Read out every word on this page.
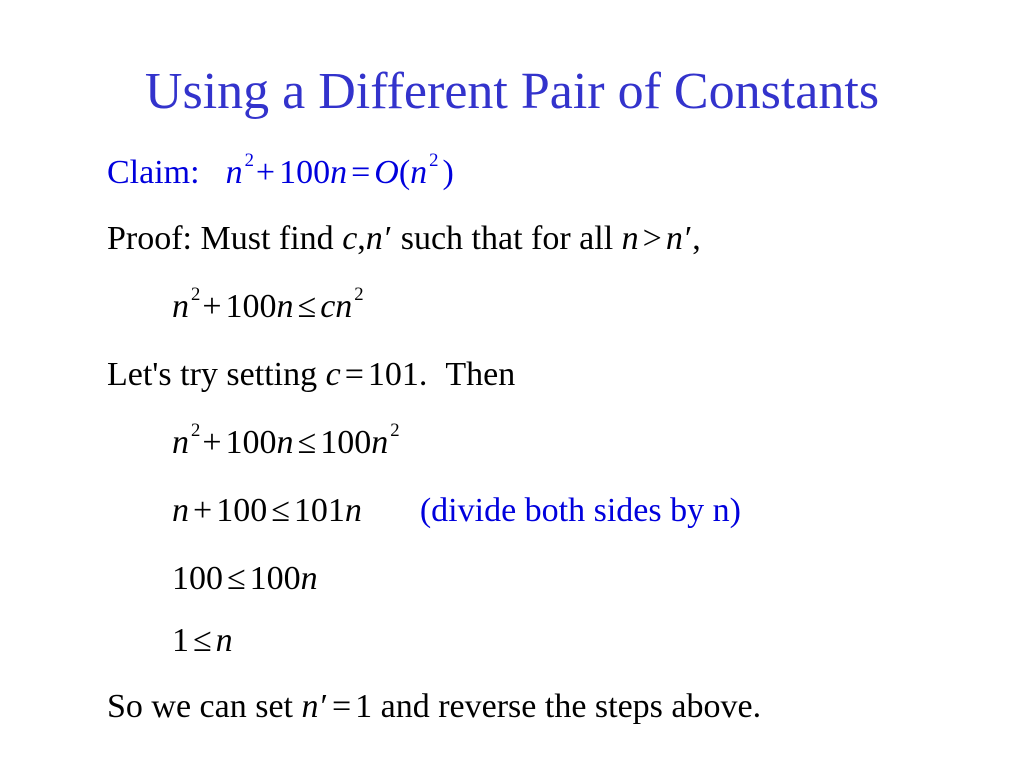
Using a Different Pair of Constants
Claim: n $^2$+ 100n = O(n $^2$ )
Proof: Must find c,n′ such that for all n > n′,
n $^2$+ 100n ≤ cn $^2$
Let's try setting c = 101. Then
n $^2$+ 100n ≤ 100n $^2$
n + 100 ≤ 101n (divide both sides by n)
100 ≤ 100n
1 ≤ n
So we can set n′ = 1 and reverse the steps above.
